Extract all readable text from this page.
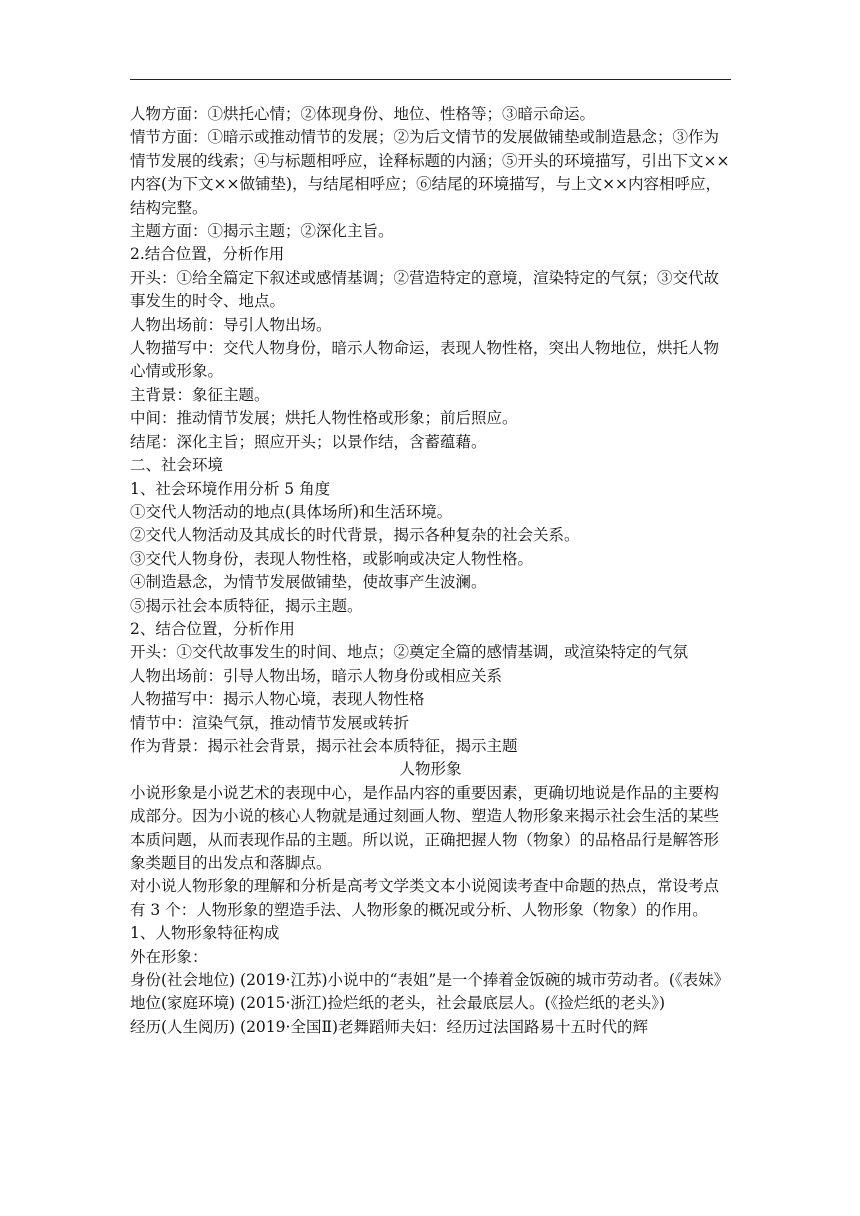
人物方面：①烘托心情；②体现身份、地位、性格等；③暗示命运。

情节方面：①暗示或推动情节的发展；②为后文情节的发展做铺垫或制造悬念；③作为情节发展的线索；④与标题相呼应，诠释标题的内涵；⑤开头的环境描写，引出下文××内容(为下文××做铺垫)，与结尾相呼应；⑥结尾的环境描写，与上文××内容相呼应，结构完整。

主题方面：①揭示主题；②深化主旨。

2.结合位置，分析作用

开头：①给全篇定下叙述或感情基调；②营造特定的意境，渲染特定的气氛；③交代故事发生的时令、地点。

人物出场前：导引人物出场。

人物描写中：交代人物身份，暗示人物命运，表现人物性格，突出人物地位，烘托人物心情或形象。

主背景：象征主题。

中间：推动情节发展；烘托人物性格或形象；前后照应。

结尾：深化主旨；照应开头；以景作结，含蓄蕴藉。

二、社会环境

1、社会环境作用分析 5 角度

①交代人物活动的地点(具体场所)和生活环境。

②交代人物活动及其成长的时代背景，揭示各种复杂的社会关系。

③交代人物身份，表现人物性格，或影响或决定人物性格。

④制造悬念，为情节发展做铺垫，使故事产生波澜。

⑤揭示社会本质特征，揭示主题。

2、结合位置，分析作用

开头：①交代故事发生的时间、地点；②奠定全篇的感情基调，或渲染特定的气氛

人物出场前：引导人物出场，暗示人物身份或相应关系

人物描写中：揭示人物心境，表现人物性格

情节中：渲染气氛，推动情节发展或转折

作为背景：揭示社会背景，揭示社会本质特征，揭示主题

人物形象

小说形象是小说艺术的表现中心，是作品内容的重要因素，更确切地说是作品的主要构成部分。因为小说的核心人物就是通过刻画人物、塑造人物形象来揭示社会生活的某些本质问题，从而表现作品的主题。所以说，正确把握人物（物象）的品格品行是解答形象类题目的出发点和落脚点。

对小说人物形象的理解和分析是高考文学类文本小说阅读考查中命题的热点，常设考点有 3 个：人物形象的塑造手法、人物形象的概况或分析、人物形象（物象）的作用。

1、人物形象特征构成

外在形象：

身份(社会地位) (2019·江苏)小说中的“表姐”是一个捧着金饭碗的城市劳动者。(《表妹》

地位(家庭环境) (2015·浙江)捡烂纸的老头，社会最底层人。(《捡烂纸的老头》)

经历(人生阅历) (2019·全国Ⅱ)老舞蹈师夫妇：经历过法国路易十五时代的辉
